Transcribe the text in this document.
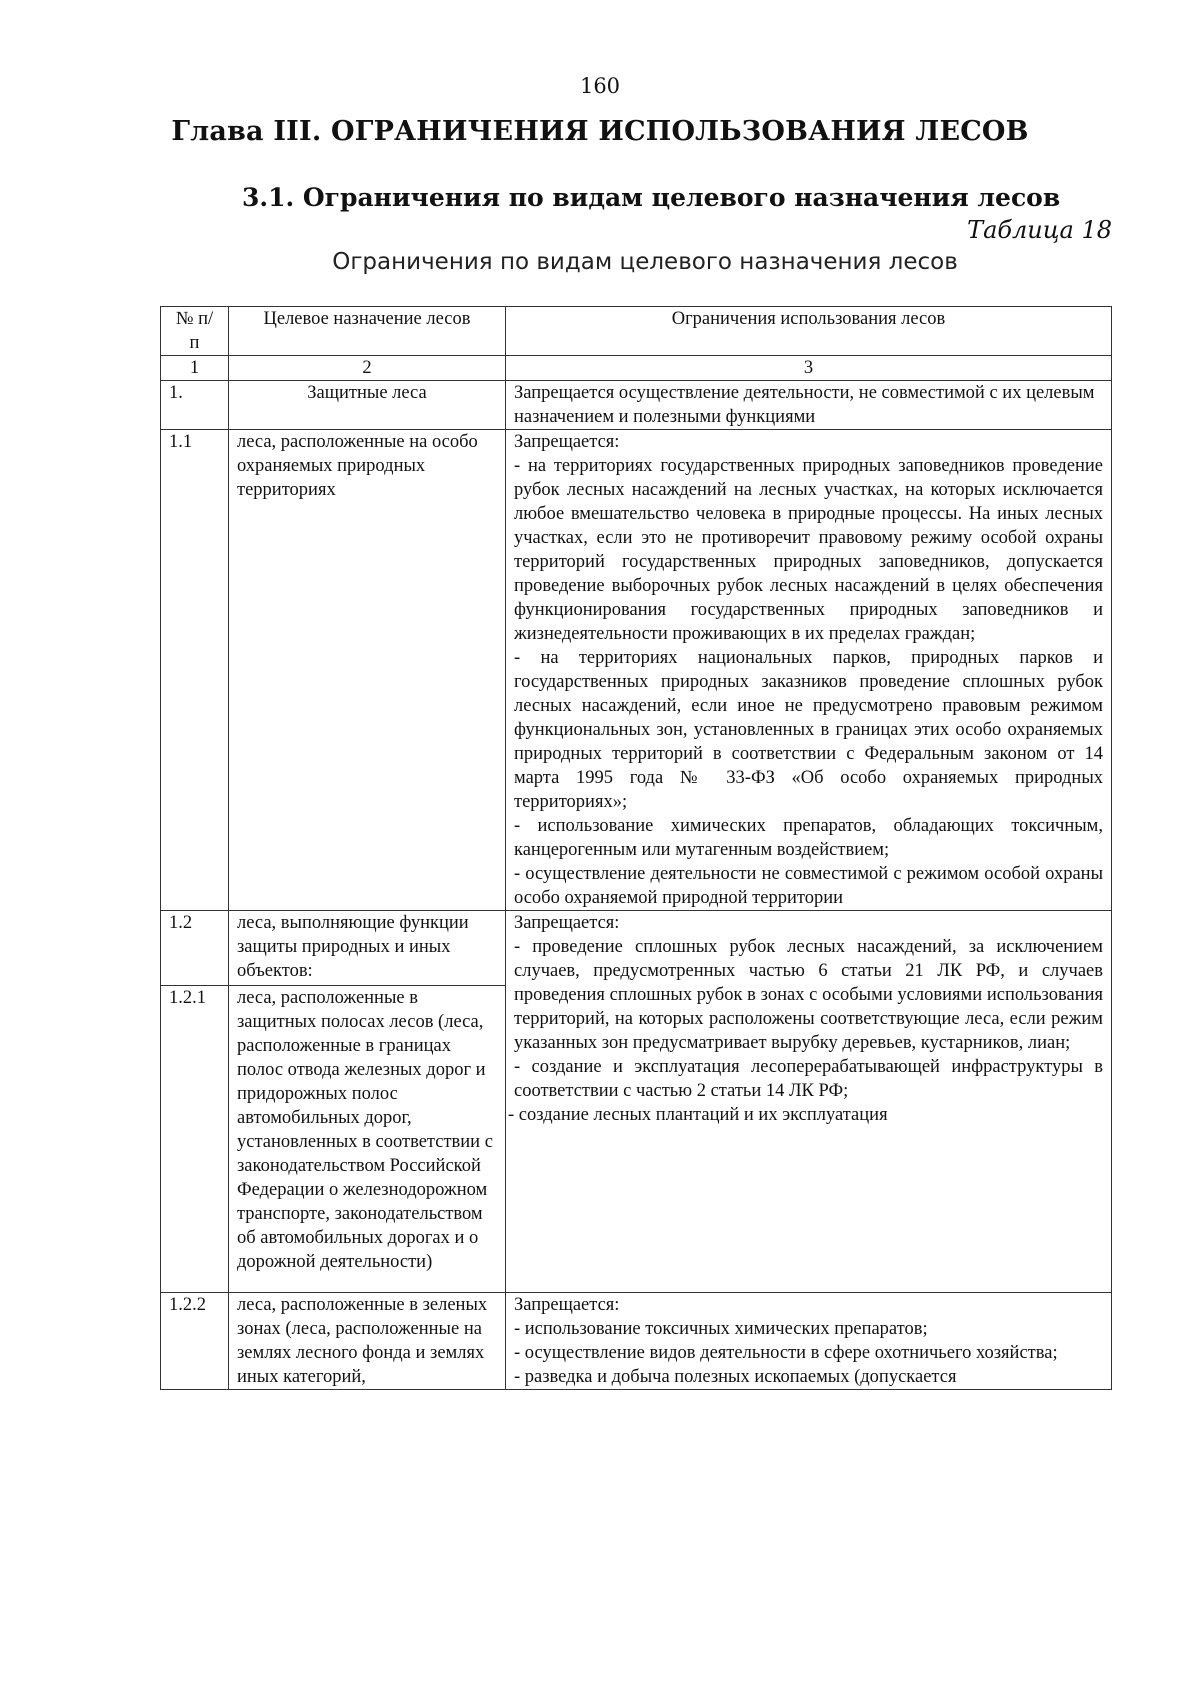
160
Глава III. ОГРАНИЧЕНИЯ ИСПОЛЬЗОВАНИЯ ЛЕСОВ
3.1. Ограничения по видам целевого назначения лесов
Таблица 18
Ограничения по видам целевого назначения лесов
№ п/п	Целевое назначение лесов	Ограничения использования лесов
1	2	3
1.	Защитные леса	Запрещается осуществление деятельности, не совместимой с их целевым назначением и полезными функциями
1.1	леса, расположенные на особо охраняемых природных территориях	Запрещается:
- на территориях государственных природных заповедников проведение рубок лесных насаждений на лесных участках, на которых исключается любое вмешательство человека в природные процессы. На иных лесных участках, если это не противоречит правовому режиму особой охраны территорий государственных природных заповедников, допускается проведение выборочных рубок лесных насаждений в целях обеспечения функционирования государственных природных заповедников и жизнедеятельности проживающих в их пределах граждан;
- на территориях национальных парков, природных парков и государственных природных заказников проведение сплошных рубок лесных насаждений, если иное не предусмотрено правовым режимом функциональных зон, установленных в границах этих особо охраняемых природных территорий в соответствии с Федеральным законом от 14 марта 1995 года № 33-ФЗ «Об особо охраняемых природных территориях»;
- использование химических препаратов, обладающих токсичным, канцерогенным или мутагенным воздействием;
- осуществление деятельности не совместимой с режимом особой охраны особо охраняемой природной территории

1.2	леса, выполняющие функции защиты природных и иных объектов:	Запрещается:
- проведение сплошных рубок лесных насаждений, за исключением случаев, предусмотренных частью 6 статьи 21 ЛК РФ, и случаев проведения сплошных рубок в зонах с особыми условиями использования территорий, на которых расположены соответствующие леса, если режим указанных зон предусматривает вырубку деревьев, кустарников, лиан;
- создание и эксплуатация лесоперерабатывающей инфраструктуры в соответствии с частью 2 статьи 14 ЛК РФ;
- создание лесных плантаций и их эксплуатация

1.2.1	леса, расположенные в защитных полосах лесов (леса, расположенные в границах полос отвода железных дорог и придорожных полос автомобильных дорог, установленных в соответствии с законодательством Российской Федерации о железнодорожном транспорте, законодательством об автомобильных дорогах и о дорожной деятельности)	
1.2.2	леса, расположенные в зеленых зонах (леса, расположенные на землях лесного фонда и землях иных категорий,	Запрещается:
- использование токсичных химических препаратов;
- осуществление видов деятельности в сфере охотничьего хозяйства;
- разведка и добыча полезных ископаемых (допускается
